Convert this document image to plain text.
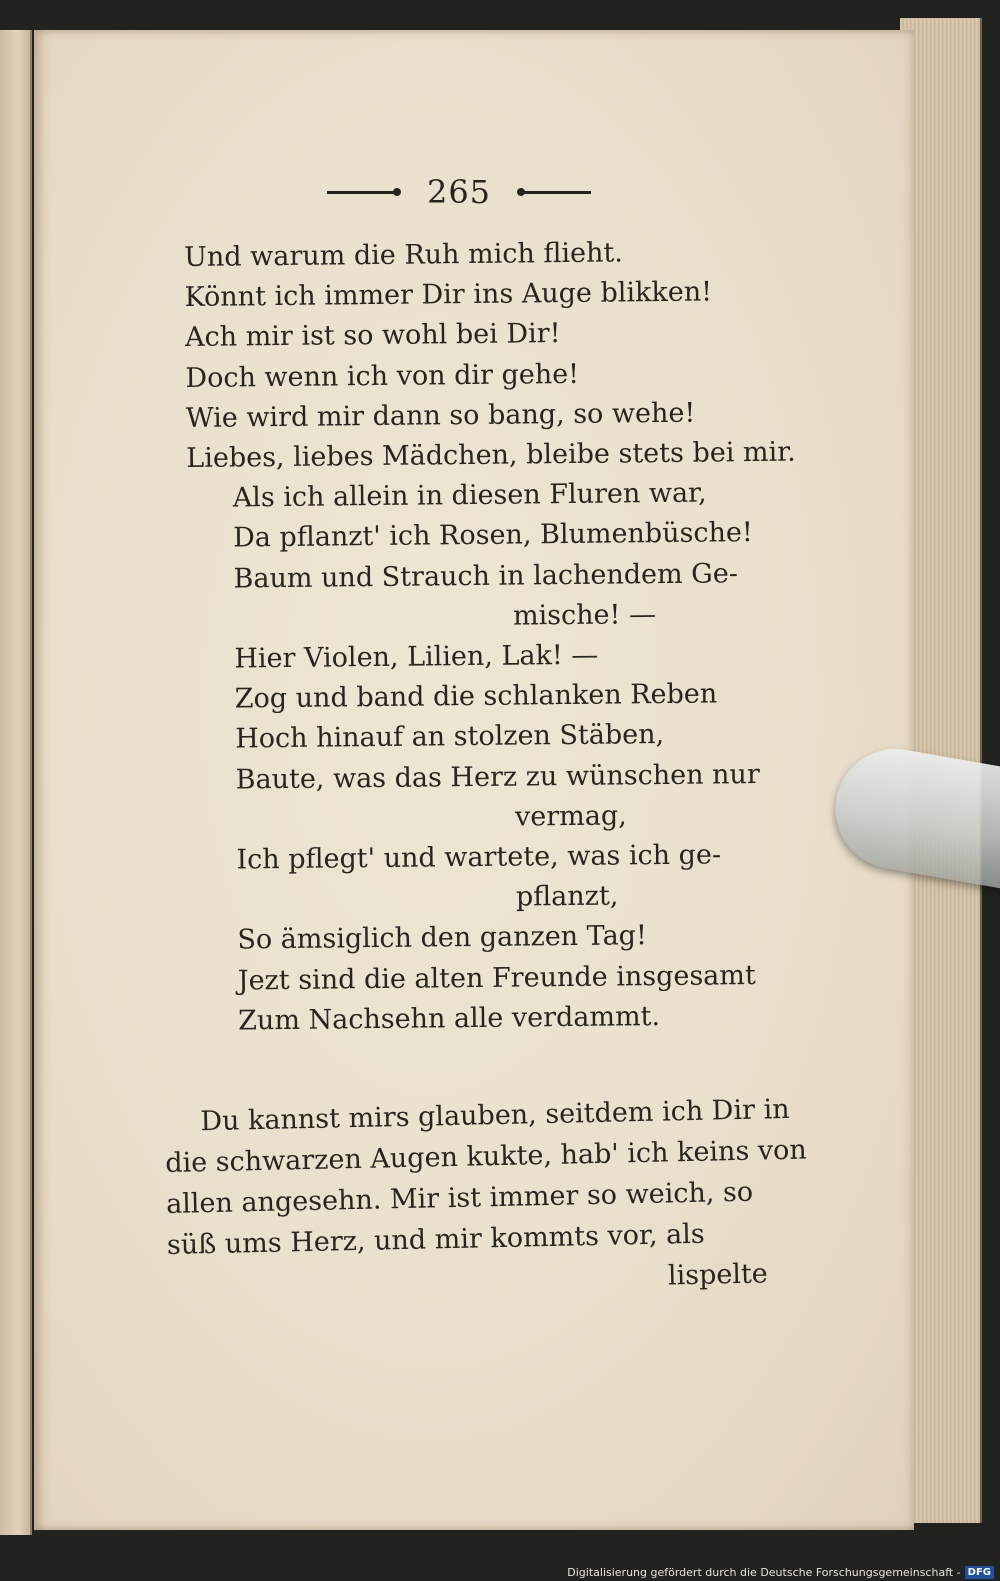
265
Und warum die Ruh mich flieht.
Könnt ich immer Dir ins Auge blikken!
Ach mir ist so wohl bei Dir!
Doch wenn ich von dir gehe!
Wie wird mir dann so bang, so wehe!
Liebes, liebes Mädchen, bleibe stets bei mir.
Als ich allein in diesen Fluren war,
Da pflanzt' ich Rosen, Blumenbüsche!
Baum und Strauch in lachendem Ge-
mische! —
Hier Violen, Lilien, Lak! —
Zog und band die schlanken Reben
Hoch hinauf an stolzen Stäben,
Baute, was das Herz zu wünschen nur
vermag,
Ich pflegt' und wartete, was ich ge-
pflanzt,
So ämsiglich den ganzen Tag!
Jezt sind die alten Freunde insgesamt
Zum Nachsehn alle verdammt.
Du kannst mirs glauben, seitdem ich Dir in
die schwarzen Augen kukte, hab' ich keins von
allen angesehn. Mir ist immer so weich, so
süß ums Herz, und mir kommts vor, als
lispelte
Digitalisierung gefördert durch die Deutsche Forschungsgemeinschaft - DFG
